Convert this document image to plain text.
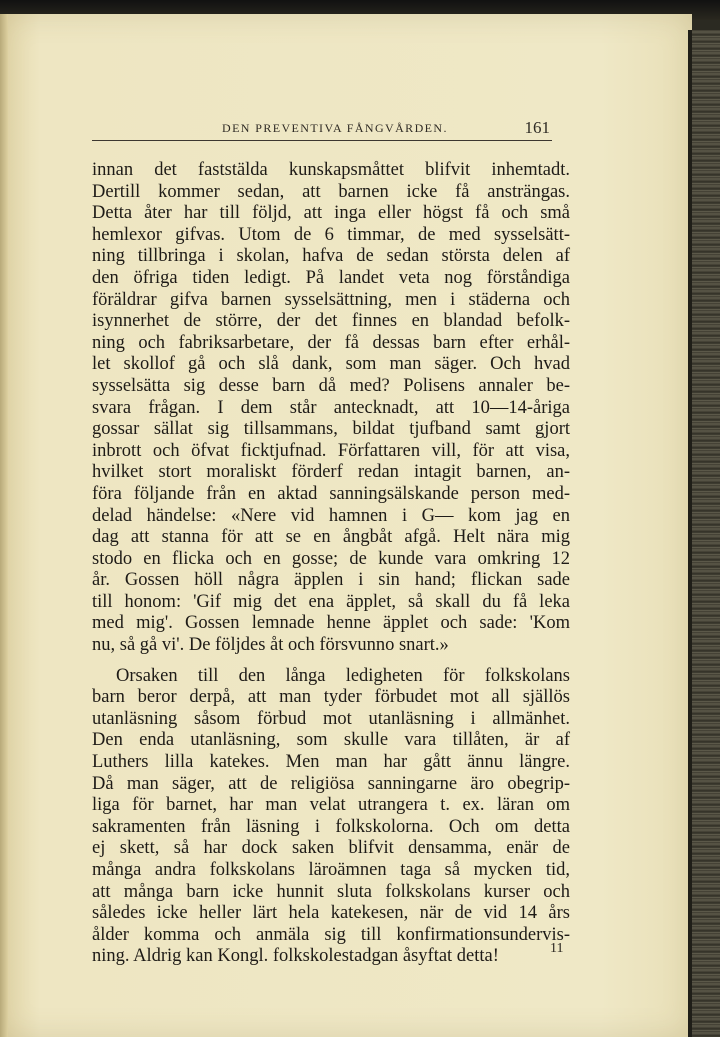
DEN PREVENTIVA FÅNGVÅRDEN.	161
innan det faststälda kunskapsmåttet blifvit inhemtadt.
Dertill kommer sedan, att barnen icke få ansträngas.
Detta åter har till följd, att inga eller högst få och små
hemlexor gifvas. Utom de 6 timmar, de med sysselsätt-
ning tillbringa i skolan, hafva de sedan största delen af
den öfriga tiden ledigt. På landet veta nog förståndiga
föräldrar gifva barnen sysselsättning, men i städerna och
isynnerhet de större, der det finnes en blandad befolk-
ning och fabriksarbetare, der få dessas barn efter erhål-
let skollof gå och slå dank, som man säger. Och hvad
sysselsätta sig desse barn då med? Polisens annaler be-
svara frågan. I dem står antecknadt, att 10—14-åriga
gossar sällat sig tillsammans, bildat tjufband samt gjort
inbrott och öfvat ficktjufnad. Författaren vill, för att visa,
hvilket stort moraliskt förderf redan intagit barnen, an-
föra följande från en aktad sanningsälskande person med-
delad händelse: «Nere vid hamnen i G— kom jag en
dag att stanna för att se en ångbåt afgå. Helt nära mig
stodo en flicka och en gosse; de kunde vara omkring 12
år. Gossen höll några äpplen i sin hand; flickan sade
till honom: 'Gif mig det ena äpplet, så skall du få leka
med mig'. Gossen lemnade henne äpplet och sade: 'Kom
nu, så gå vi'. De följdes åt och försvunno snart.»
Orsaken till den långa ledigheten för folkskolans
barn beror derpå, att man tyder förbudet mot all själlös
utanläsning såsom förbud mot utanläsning i allmänhet.
Den enda utanläsning, som skulle vara tillåten, är af
Luthers lilla katekes. Men man har gått ännu längre.
Då man säger, att de religiösa sanningarne äro obegrip-
liga för barnet, har man velat utrangera t. ex. läran om
sakramenten från läsning i folkskolorna. Och om detta
ej skett, så har dock saken blifvit densamma, enär de
många andra folkskolans läroämnen taga så mycken tid,
att många barn icke hunnit sluta folkskolans kurser och
således icke heller lärt hela katekesen, när de vid 14 års
ålder komma och anmäla sig till konfirmationsundervis-
ning. Aldrig kan Kongl. folkskolestadgan åsyftat detta!	11
